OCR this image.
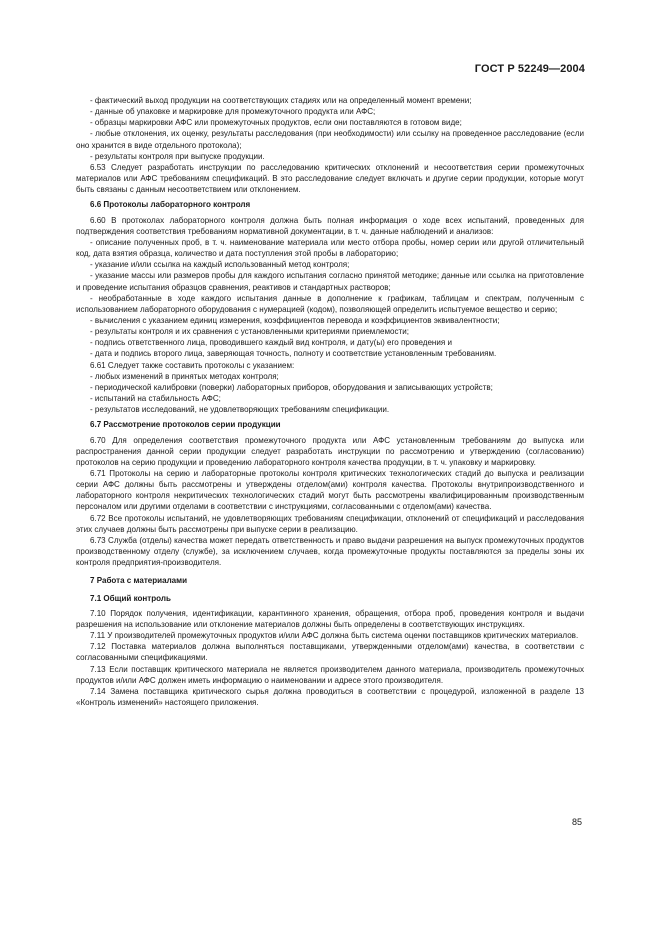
ГОСТ Р 52249—2004
- фактический выход продукции на соответствующих стадиях или на определенный момент времени;
- данные об упаковке и маркировке для промежуточного продукта или АФС;
- образцы маркировки АФС или промежуточных продуктов, если они поставляются в готовом виде;
- любые отклонения, их оценку, результаты расследования (при необходимости) или ссылку на проведенное расследование (если оно хранится в виде отдельного протокола);
- результаты контроля при выпуске продукции.
6.53 Следует разработать инструкции по расследованию критических отклонений и несоответствия серии промежуточных материалов или АФС требованиям спецификаций. В это расследование следует включать и другие серии продукции, которые могут быть связаны с данным несоответствием или отклонением.
6.6 Протоколы лабораторного контроля
6.60 В протоколах лабораторного контроля должна быть полная информация о ходе всех испытаний, проведенных для подтверждения соответствия требованиям нормативной документации, в т. ч. данные наблюдений и анализов:
- описание полученных проб, в т. ч. наименование материала или место отбора пробы, номер серии или другой отличительный код, дата взятия образца, количество и дата поступления этой пробы в лабораторию;
- указание и/или ссылка на каждый использованный метод контроля;
- указание массы или размеров пробы для каждого испытания согласно принятой методике; данные или ссылка на приготовление и проведение испытания образцов сравнения, реактивов и стандартных растворов;
- необработанные в ходе каждого испытания данные в дополнение к графикам, таблицам и спектрам, полученным с использованием лабораторного оборудования с нумерацией (кодом), позволяющей определить испытуемое вещество и серию;
- вычисления с указанием единиц измерения, коэффициентов перевода и коэффициентов эквивалентности;
- результаты контроля и их сравнения с установленными критериями приемлемости;
- подпись ответственного лица, проводившего каждый вид контроля, и дату(ы) его проведения и
- дата и подпись второго лица, заверяющая точность, полноту и соответствие установленным требованиям.
6.61 Следует также составить протоколы с указанием:
- любых изменений в принятых методах контроля;
- периодической калибровки (поверки) лабораторных приборов, оборудования и записывающих устройств;
- испытаний на стабильность АФС;
- результатов исследований, не удовлетворяющих требованиям спецификации.
6.7 Рассмотрение протоколов серии продукции
6.70 Для определения соответствия промежуточного продукта или АФС установленным требованиям до выпуска или распространения данной серии продукции следует разработать инструкции по рассмотрению и утверждению (согласованию) протоколов на серию продукции и проведению лабораторного контроля качества продукции, в т. ч. упаковку и маркировку.
6.71 Протоколы на серию и лабораторные протоколы контроля критических технологических стадий до выпуска и реализации серии АФС должны быть рассмотрены и утверждены отделом(ами) контроля качества. Протоколы внутрипроизводственного и лабораторного контроля некритических технологических стадий могут быть рассмотрены квалифицированным производственным персоналом или другими отделами в соответствии с инструкциями, согласованными с отделом(ами) качества.
6.72 Все протоколы испытаний, не удовлетворяющих требованиям спецификации, отклонений от спецификаций и расследования этих случаев должны быть рассмотрены при выпуске серии в реализацию.
6.73 Служба (отделы) качества может передать ответственность и право выдачи разрешения на выпуск промежуточных продуктов производственному отделу (службе), за исключением случаев, когда промежуточные продукты поставляются за пределы зоны их контроля предприятия-производителя.
7 Работа с материалами
7.1 Общий контроль
7.10 Порядок получения, идентификации, карантинного хранения, обращения, отбора проб, проведения контроля и выдачи разрешения на использование или отклонение материалов должны быть определены в соответствующих инструкциях.
7.11 У производителей промежуточных продуктов и/или АФС должна быть система оценки поставщиков критических материалов.
7.12 Поставка материалов должна выполняться поставщиками, утвержденными отделом(ами) качества, в соответствии с согласованными спецификациями.
7.13 Если поставщик критического материала не является производителем данного материала, производитель промежуточных продуктов и/или АФС должен иметь информацию о наименовании и адресе этого производителя.
7.14 Замена поставщика критического сырья должна проводиться в соответствии с процедурой, изложенной в разделе 13 «Контроль изменений» настоящего приложения.
85
